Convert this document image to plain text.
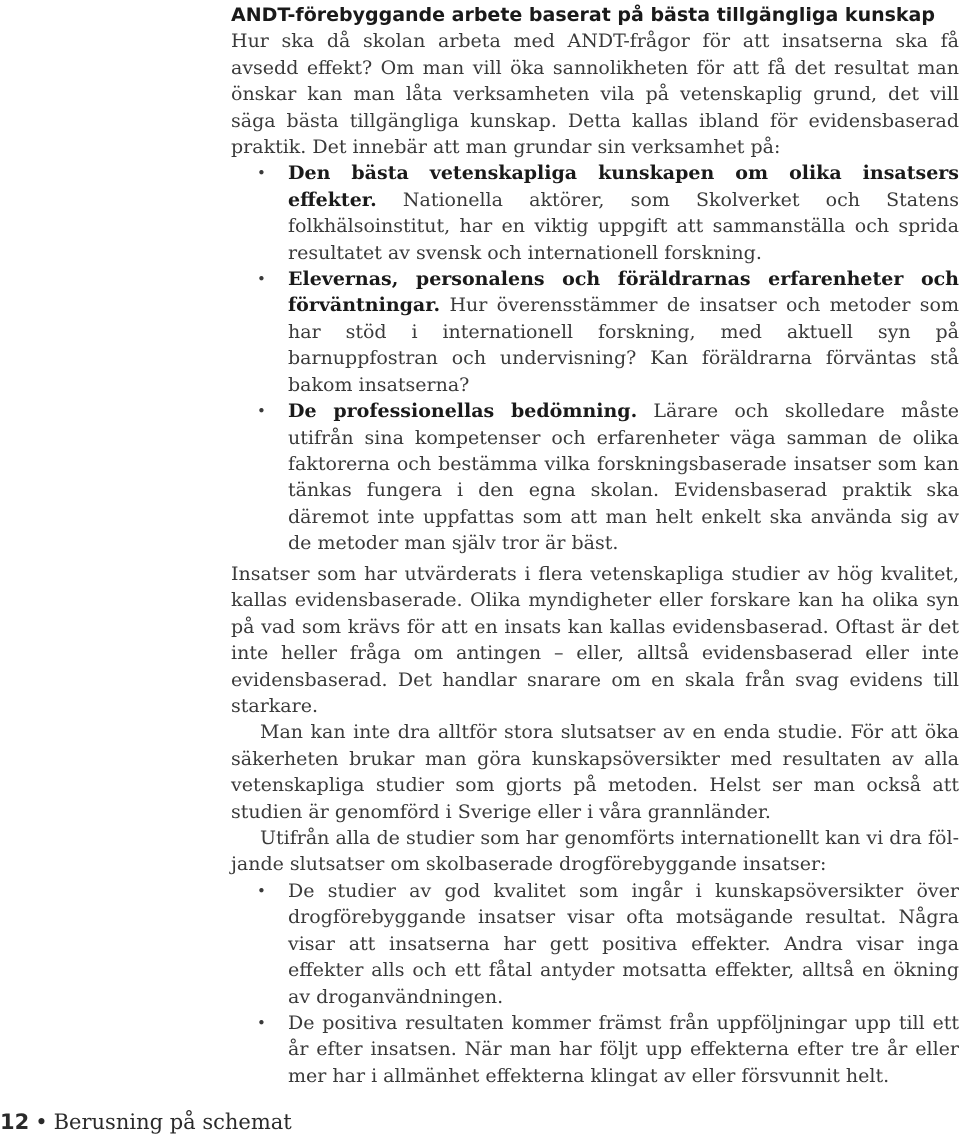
ANDT-förebyggande arbete baserat på bästa tillgängliga kunskap

Hur ska då skolan arbeta med ANDT-frågor för att insatserna ska få avsedd effekt? Om man vill öka sannolikheten för att få det resultat man önskar kan man låta verksamheten vila på vetenskaplig grund, det vill säga bästa tillgängliga kunskap. Detta kallas ibland för evidensbaserad praktik. Det innebär att man grundar sin verksamhet på:

• Den bästa vetenskapliga kunskapen om olika insatsers effekter. Nationella aktörer, som Skolverket och Statens folkhälsoinstitut, har en viktig uppgift att sammanställa och sprida resultatet av svensk och internationell forskning.
• Elevernas, personalens och föräldrarnas erfarenheter och förväntningar. Hur överensstämmer de insatser och metoder som har stöd i internationell forskning, med aktuell syn på barnuppfostran och undervisning? Kan föräldrarna förväntas stå bakom insatserna?
• De professionellas bedömning. Lärare och skolledare måste utifrån sina kompetenser och erfarenheter väga samman de olika faktorerna och bestämma vilka forskningsbaserade insatser som kan tänkas fungera i den egna skolan. Evidensbaserad praktik ska däremot inte uppfattas som att man helt enkelt ska använda sig av de metoder man själv tror är bäst.

Insatser som har utvärderats i flera vetenskapliga studier av hög kvalitet, kallas evidensbaserade. Olika myndigheter eller forskare kan ha olika syn på vad som krävs för att en insats kan kallas evidensbaserad. Oftast är det inte heller fråga om antingen – eller, alltså evidensbaserad eller inte evidensbaserad. Det handlar snarare om en skala från svag evidens till starkare.

Man kan inte dra alltför stora slutsatser av en enda studie. För att öka säkerheten brukar man göra kunskapsöversikter med resultaten av alla vetenskapliga studier som gjorts på metoden. Helst ser man också att studien är genomförd i Sverige eller i våra grannländer.

Utifrån alla de studier som har genomförts internationellt kan vi dra följande slutsatser om skolbaserade drogförebyggande insatser:

• De studier av god kvalitet som ingår i kunskapsöversikter över drogförebyggande insatser visar ofta motsägande resultat. Några visar att insatserna har gett positiva effekter. Andra visar inga effekter alls och ett fåtal antyder motsatta effekter, alltså en ökning av droganvändningen.
• De positiva resultaten kommer främst från uppföljningar upp till ett år efter insatsen. När man har följt upp effekterna efter tre år eller mer har i allmänhet effekterna klingat av eller försvunnit helt.
12 • Berusning på schemat
